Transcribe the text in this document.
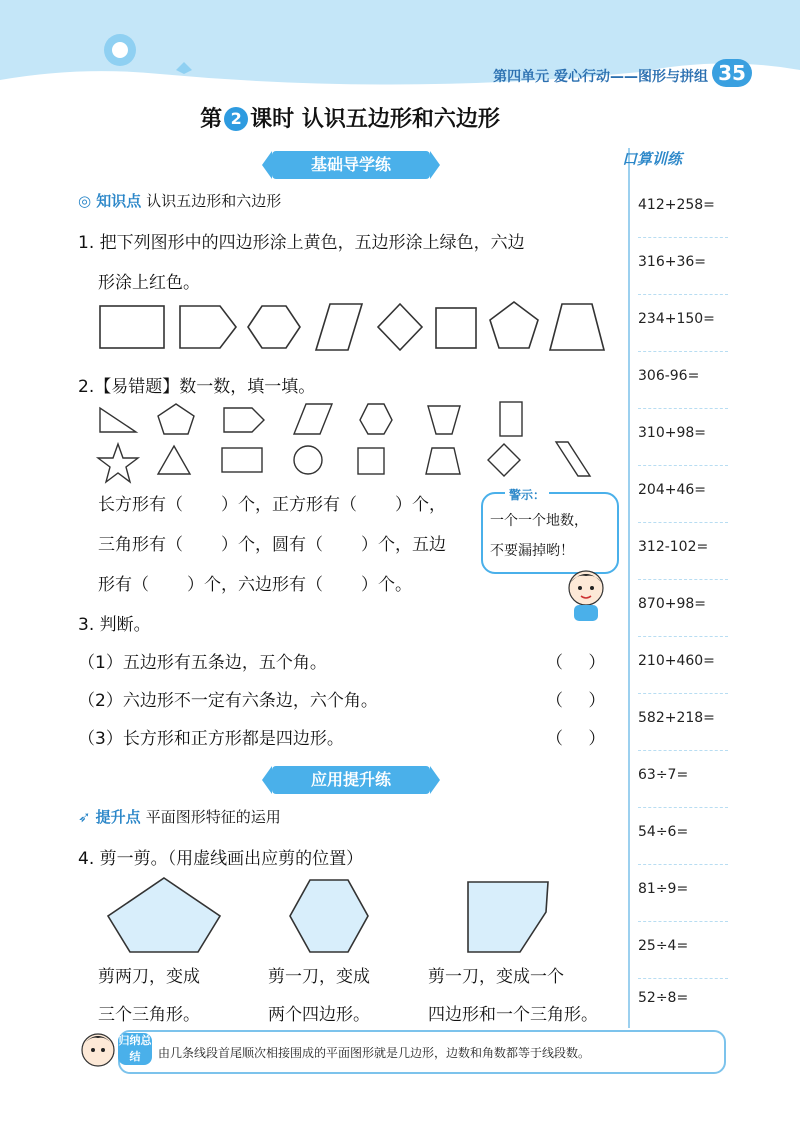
第四单元 爱心行动——图形与拼组 35
第 2 课时 认识五边形和六边形
基础导学练
◎ 知识点 认识五边形和六边形
1. 把下列图形中的四边形涂上黄色，五边形涂上绿色，六边
形涂上红色。
2.【易错题】数一数，填一填。
长方形有（ ）个，正方形有（ ）个，
三角形有（ ）个，圆有（ ）个，五边
形有（ ）个，六边形有（ ）个。
警示：
一个一个地数，
不要漏掉哟！
3. 判断。
（1）五边形有五条边，五个角。
（2）六边形不一定有六条边，六个角。
（3）长方形和正方形都是四边形。
（ ）
（ ）
（ ）
应用提升练
➶ 提升点 平面图形特征的运用
4. 剪一剪。（用虚线画出应剪的位置）
剪两刀，变成
三个三角形。
剪一刀，变成
两个四边形。
剪一刀，变成一个
四边形和一个三角形。
口算训练
412+258=
316+36=
234+150=
306-96=
310+98=
204+46=
312-102=
870+98=
210+460=
582+218=
63÷7=
54÷6=
81÷9=
25÷4=
52÷8=
归纳总结	由几条线段首尾顺次相接围成的平面图形就是几边形，边数和角数都等于线段数。
